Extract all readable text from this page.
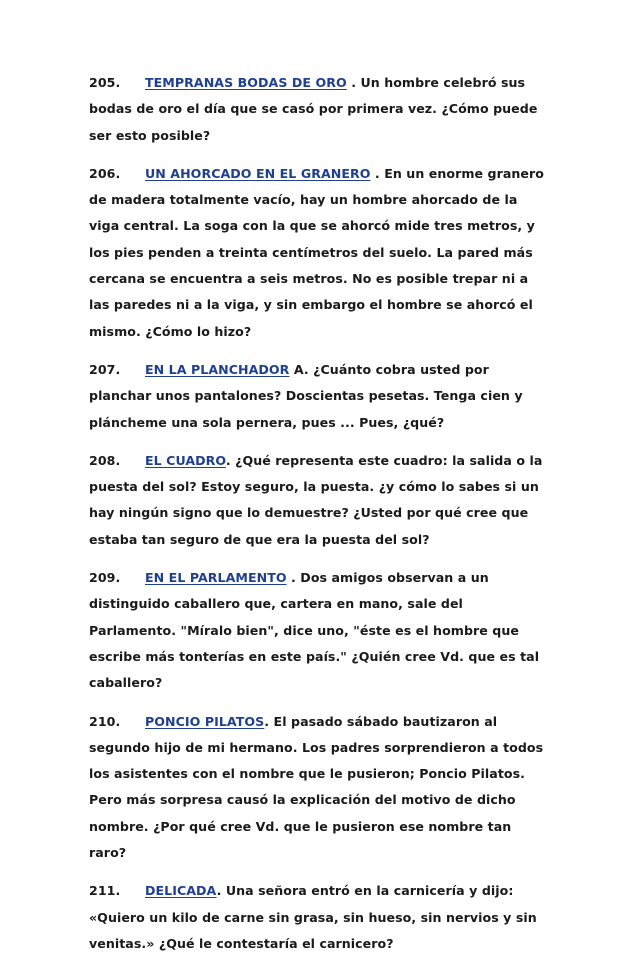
205. TEMPRANAS BODAS DE ORO . Un hombre celebró sus bodas de oro el día que se casó por primera vez. ¿Cómo puede ser esto posible?

206. UN AHORCADO EN EL GRANERO . En un enorme granero de madera totalmente vacío, hay un hombre ahorcado de la viga central. La soga con la que se ahorcó mide tres metros, y los pies penden a treinta centímetros del suelo. La pared más cercana se encuentra a seis metros. No es posible trepar ni a las paredes ni a la viga, y sin embargo el hombre se ahorcó el mismo. ¿Cómo lo hizo?

207. EN LA PLANCHADOR A. ¿Cuánto cobra usted por planchar unos pantalones? Doscientas pesetas. Tenga cien y plánchеme una sola pernera, pues ... Pues, ¿qué?

208. EL CUADRO. ¿Qué representa este cuadro: la salida o la puesta del sol? Estoy seguro, la puesta. ¿y cómo lo sabes si un hay ningún signo que lo demuestre? ¿Usted por qué cree que estaba tan seguro de que era la puesta del sol?

209. EN EL PARLAMENTO . Dos amigos observan a un distinguido caballero que, cartera en mano, sale del Parlamento. "Míralo bien", dice uno, "éste es el hombre que escribe más tonterías en este país." ¿Quién cree Vd. que es tal caballero?

210. PONCIO PILATOS. El pasado sábado bautizaron al segundo hijo de mi hermano. Los padres sorprendieron a todos los asistentes con el nombre que le pusieron; Poncio Pilatos. Pero más sorpresa causó la explicación del motivo de dicho nombre. ¿Por qué cree Vd. que le pusieron ese nombre tan raro?

211. DELICADA. Una señora entró en la carnicería y dijo: «Quiero un kilo de carne sin grasa, sin hueso, sin nervios y sin venitas.» ¿Qué le contestaría el carnicero?
